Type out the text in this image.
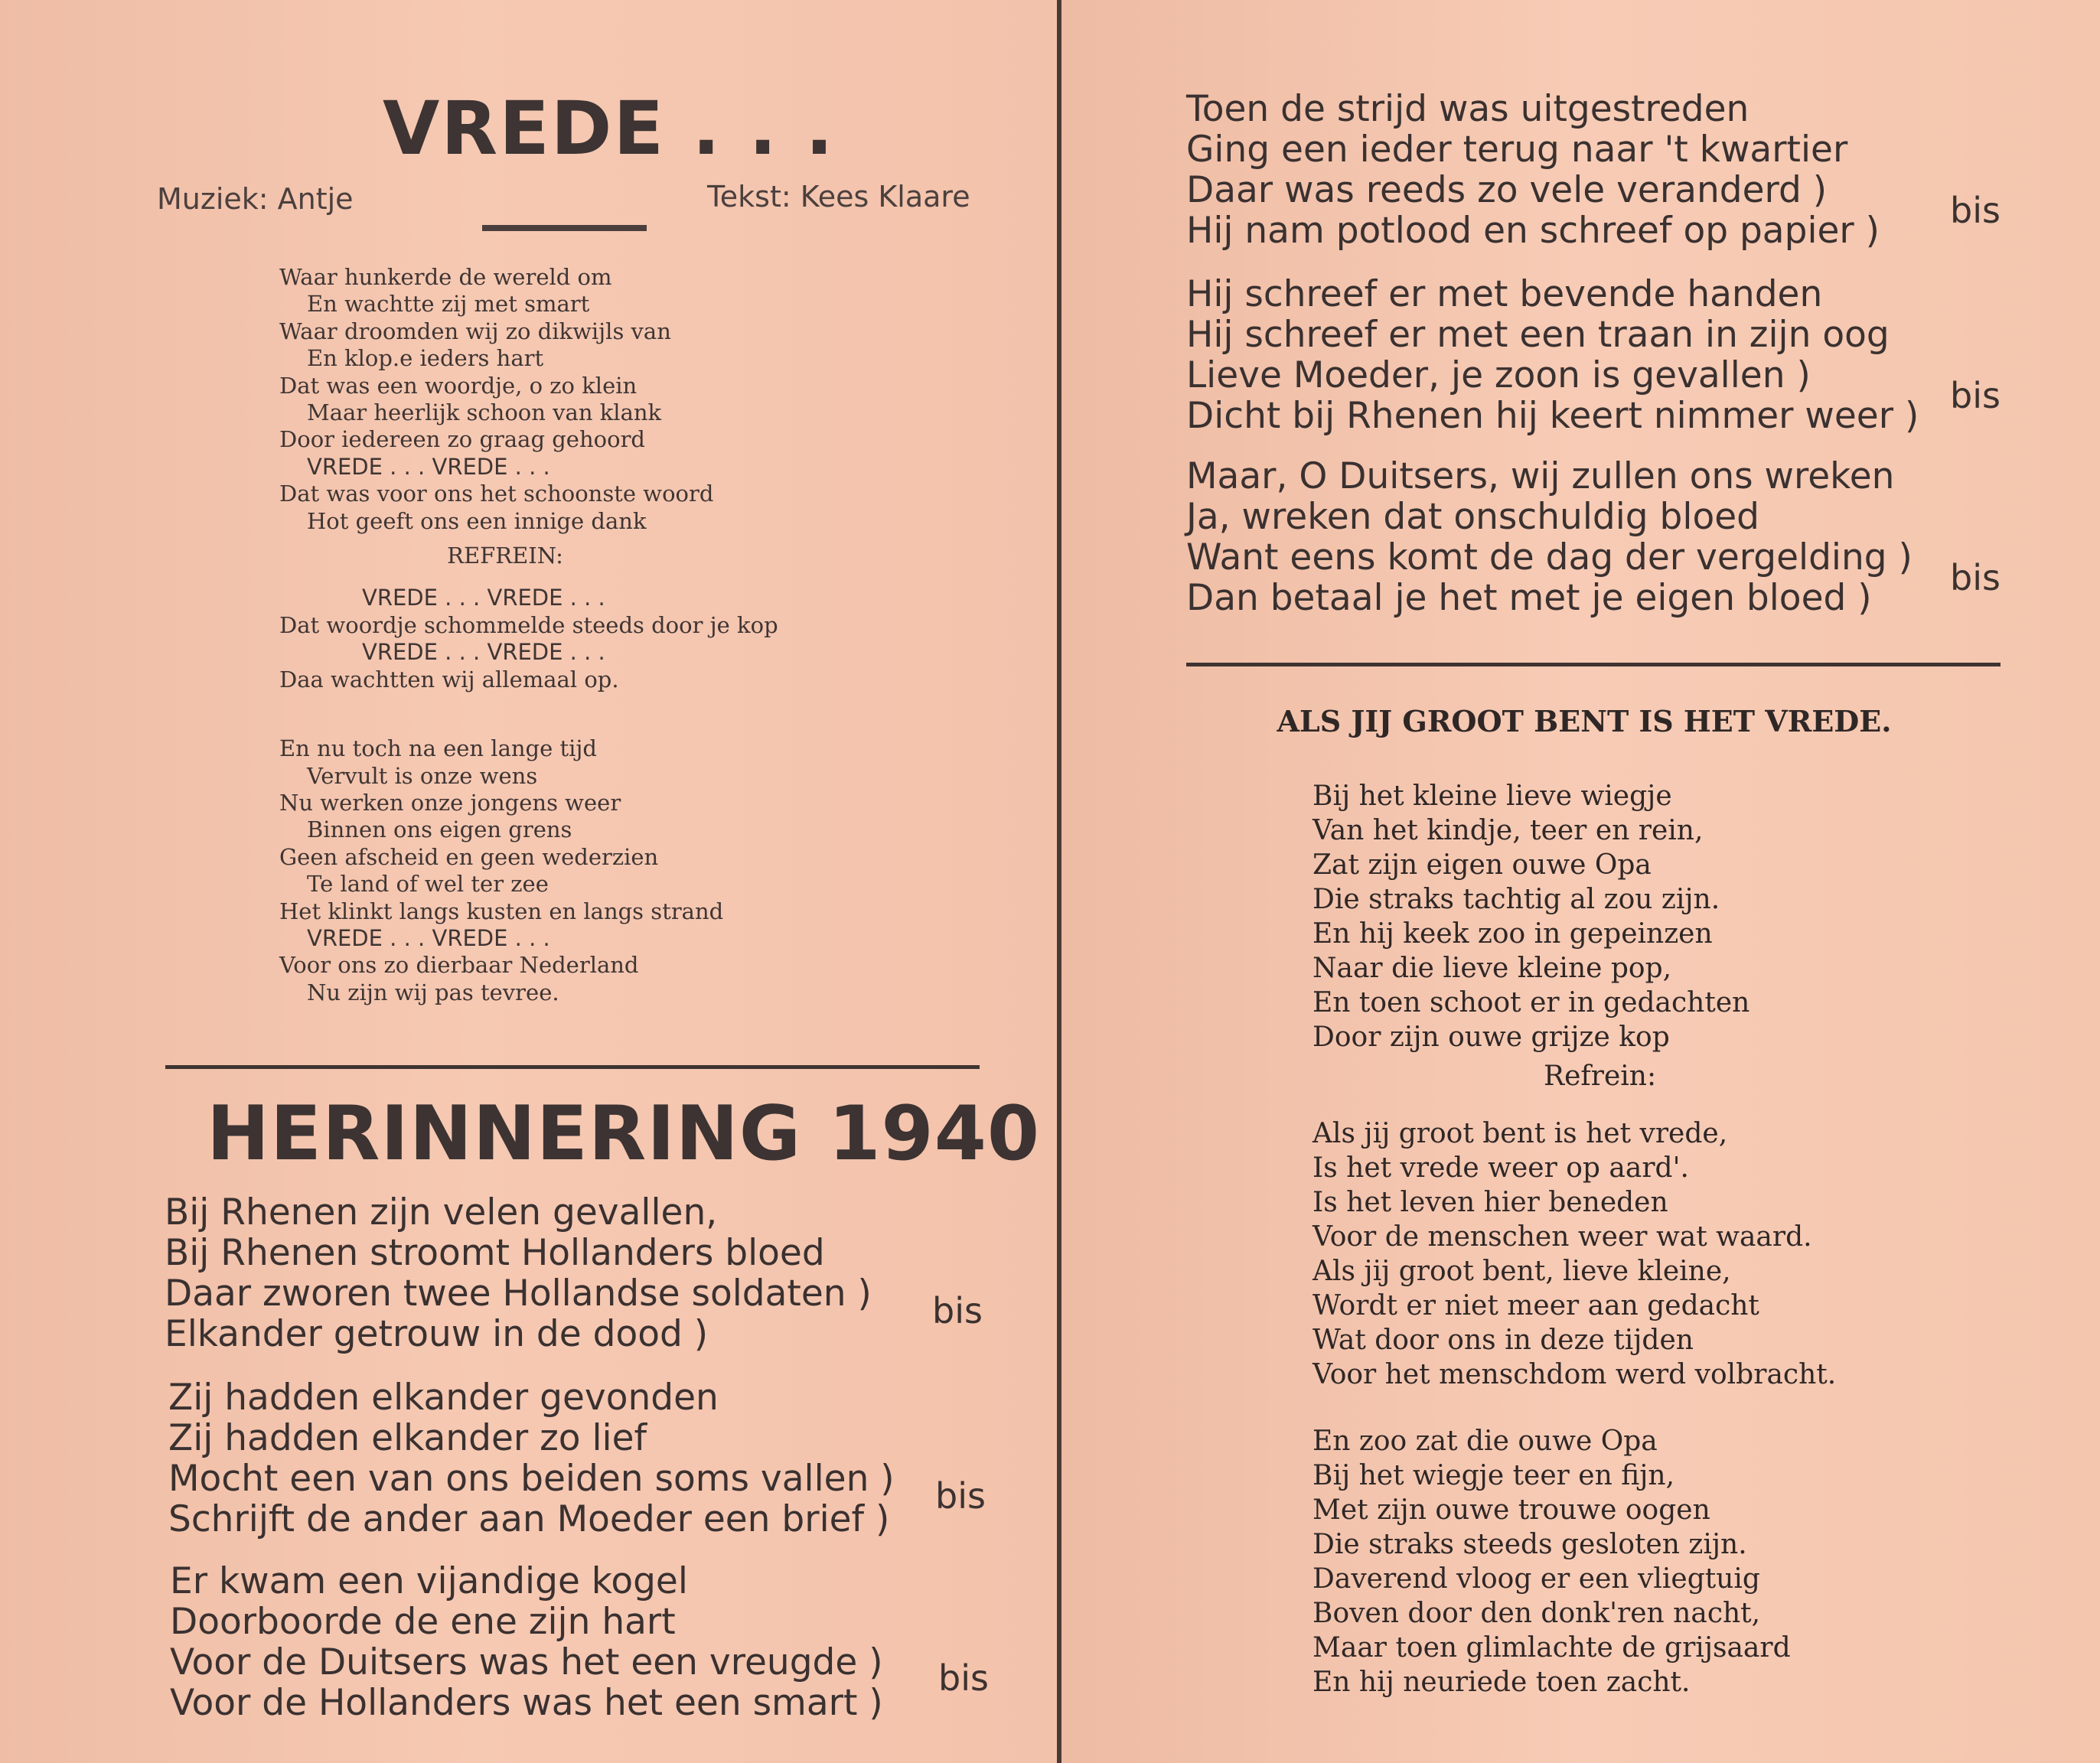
VREDE . . .
Muziek: Antje	Tekst: Kees Klaare
Waar hunkerde de wereld om
En wachtte zij met smart
Waar droomden wij zo dikwijls van
En klop.e ieders hart
Dat was een woordje, o zo klein
Maar heerlijk schoon van klank
Door iedereen zo graag gehoord
VREDE . . . VREDE . . .
Dat was voor ons het schoonste woord
Hot geeft ons een innige dank
REFREIN:
VREDE . . . VREDE . . .
Dat woordje schommelde steeds door je kop
VREDE . . . VREDE . . .
Daa wachtten wij allemaal op.
En nu toch na een lange tijd
Vervult is onze wens
Nu werken onze jongens weer
Binnen ons eigen grens
Geen afscheid en geen wederzien
Te land of wel ter zee
Het klinkt langs kusten en langs strand
VREDE . . . VREDE . . .
Voor ons zo dierbaar Nederland
Nu zijn wij pas tevree.
HERINNERING 1940
Bij Rhenen zijn velen gevallen,
Bij Rhenen stroomt Hollanders bloed
Daar zworen twee Hollandse soldaten )
Elkander getrouw in de dood )
bis
Zij hadden elkander gevonden
Zij hadden elkander zo lief
Mocht een van ons beiden soms vallen )
Schrijft de ander aan Moeder een brief )
bis
Er kwam een vijandige kogel
Doorboorde de ene zijn hart
Voor de Duitsers was het een vreugde )
Voor de Hollanders was het een smart )
bis
Toen de strijd was uitgestreden
Ging een ieder terug naar 't kwartier
Daar was reeds zo vele veranderd )
Hij nam potlood en schreef op papier ) bis
Hij schreef er met bevende handen
Hij schreef er met een traan in zijn oog
Lieve Moeder, je zoon is gevallen )
Dicht bij Rhenen hij keert nimmer weer ) bis
Maar, O Duitsers, wij zullen ons wreken
Ja, wreken dat onschuldig bloed
Want eens komt de dag der vergelding )
Dan betaal je het met je eigen bloed )	bis
ALS JIJ GROOT BENT IS HET VREDE.
Bij het kleine lieve wiegje
Van het kindje, teer en rein,
Zat zijn eigen ouwe Opa
Die straks tachtig al zou zijn.
En hij keek zoo in gepeinzen
Naar die lieve kleine pop,
En toen schoot er in gedachten
Door zijn ouwe grijze kop
Refrein:
Als jij groot bent is het vrede,
Is het vrede weer op aard'.
Is het leven hier beneden
Voor de menschen weer wat waard.
Als jij groot bent, lieve kleine,
Wordt er niet meer aan gedacht
Wat door ons in deze tijden
Voor het menschdom werd volbracht.
En zoo zat die ouwe Opa
Bij het wiegje teer en fijn,
Met zijn ouwe trouwe oogen
Die straks steeds gesloten zijn.
Daverend vloog er een vliegtuig
Boven door den donk'ren nacht,
Maar toen glimlachte de grijsaard
En hij neuriede toen zacht.
